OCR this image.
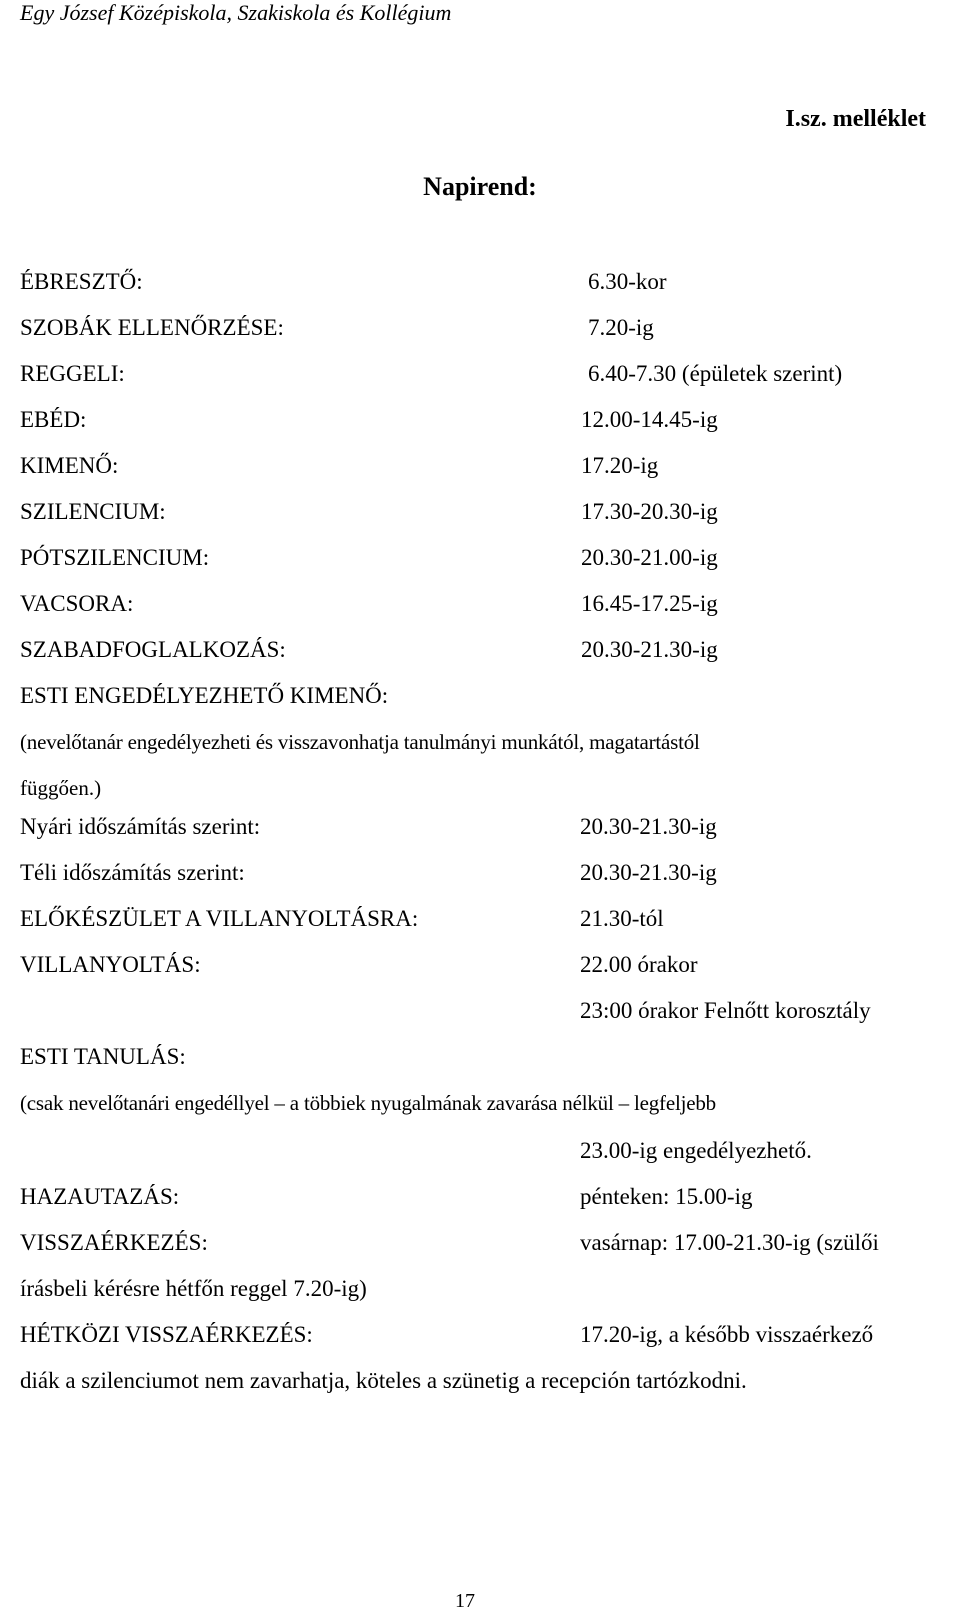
Egy József Középiskola, Szakiskola és Kollégium
I.sz. melléklet
Napirend:
ÉBRESZTŐ:	6.30-kor
SZOBÁK ELLENŐRZÉSE:	7.20-ig
REGGELI:	6.40-7.30 (épületek szerint)
EBÉD:	12.00-14.45-ig
KIMENŐ:	17.20-ig
SZILENCIUM:	17.30-20.30-ig
PÓTSZILENCIUM:	20.30-21.00-ig
VACSORA:	16.45-17.25-ig
SZABADFOGLALKOZÁS:	20.30-21.30-ig
ESTI ENGEDÉLYEZHETŐ KIMENŐ:
(nevelőtanár engedélyezheti és visszavonhatja tanulmányi munkától, magatartástól
függően.)
Nyári időszámítás szerint:	20.30-21.30-ig
Téli időszámítás szerint:	20.30-21.30-ig
ELŐKÉSZÜLET A VILLANYOLTÁSRA:	21.30-tól
VILLANYOLTÁS:	22.00 órakor
23:00 órakor Felnőtt korosztály
ESTI TANULÁS:
(csak nevelőtanári engedéllyel – a többiek nyugalmának zavarása nélkül – legfeljebb
23.00-ig engedélyezhető.
HAZAUTAZÁS:	pénteken: 15.00-ig
VISSZAÉRKEZÉS:	vasárnap: 17.00-21.30-ig (szülői
írásbeli kérésre hétfőn reggel 7.20-ig)
HÉTKÖZI VISSZAÉRKEZÉS:	17.20-ig, a később visszaérkező
diák a szilenciumot nem zavarhatja, köteles a szünetig a recepción tartózkodni.
17
